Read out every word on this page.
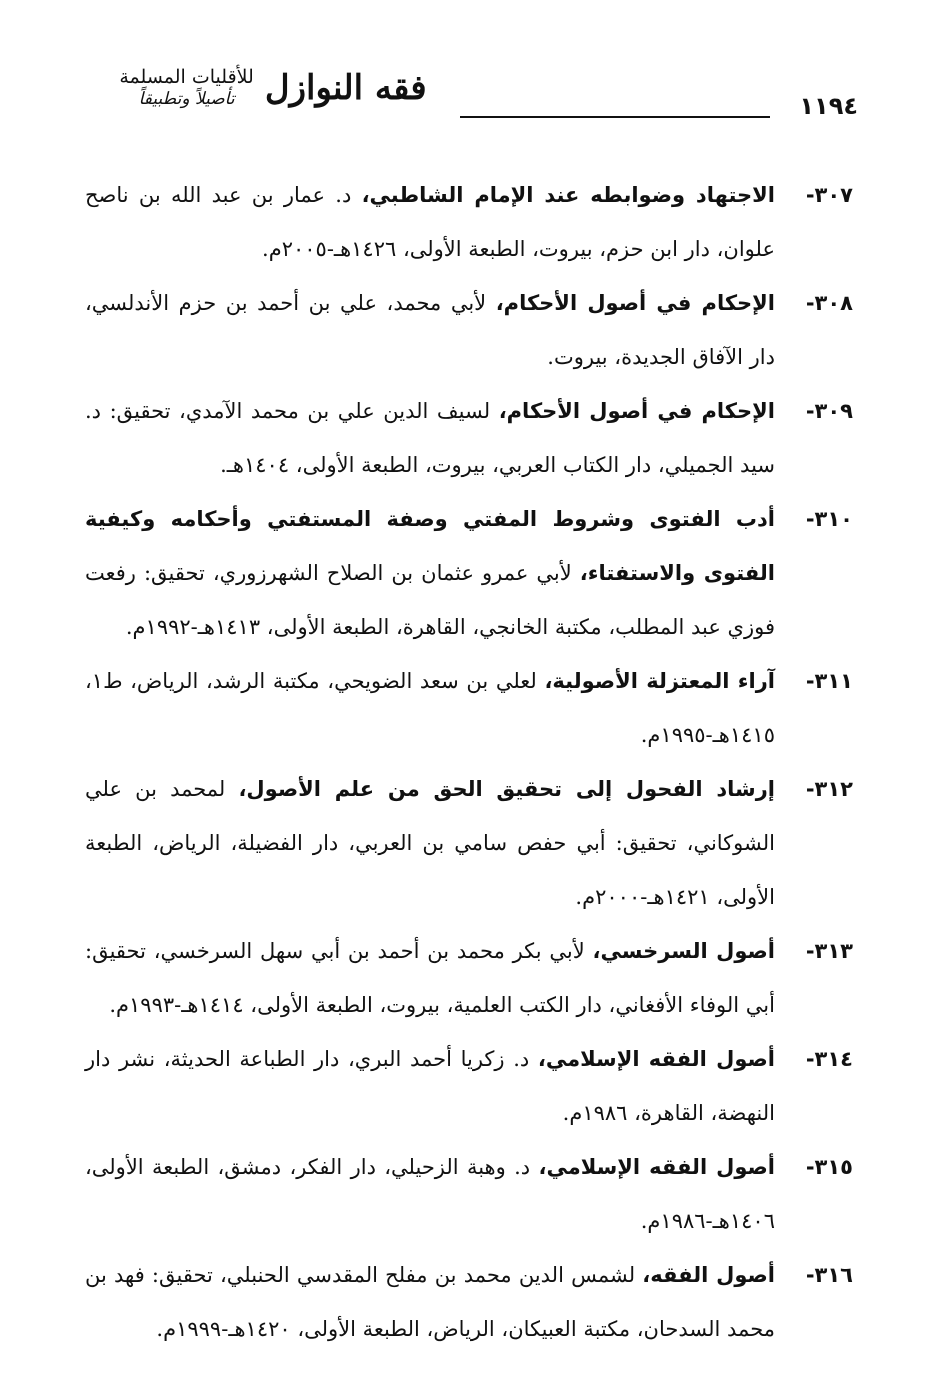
١١٩٤
فقه النوازل
للأقليات المسلمة
تأصيلاً وتطبيقاً
٣٠٧-
الاجتهاد وضوابطه عند الإمام الشاطبي، د. عمار بن عبد الله بن ناصح علوان، دار ابن حزم، بيروت، الطبعة الأولى، ١٤٢٦هـ-٢٠٠٥م.
٣٠٨-
الإحكام في أصول الأحكام، لأبي محمد، علي بن أحمد بن حزم الأندلسي، دار الآفاق الجديدة، بيروت.
٣٠٩-
الإحكام في أصول الأحكام، لسيف الدين علي بن محمد الآمدي، تحقيق: د. سيد الجميلي، دار الكتاب العربي، بيروت، الطبعة الأولى، ١٤٠٤هـ.
٣١٠-
أدب الفتوى وشروط المفتي وصفة المستفتي وأحكامه وكيفية الفتوى والاستفتاء، لأبي عمرو عثمان بن الصلاح الشهرزوري، تحقيق: رفعت فوزي عبد المطلب، مكتبة الخانجي، القاهرة، الطبعة الأولى، ١٤١٣هـ-١٩٩٢م.
٣١١-
آراء المعتزلة الأصولية، لعلي بن سعد الضويحي، مكتبة الرشد، الرياض، ط١، ١٤١٥هـ-١٩٩٥م.
٣١٢-
إرشاد الفحول إلى تحقيق الحق من علم الأصول، لمحمد بن علي الشوكاني، تحقيق: أبي حفص سامي بن العربي، دار الفضيلة، الرياض، الطبعة الأولى، ١٤٢١هـ-٢٠٠٠م.
٣١٣-
أصول السرخسي، لأبي بكر محمد بن أحمد بن أبي سهل السرخسي، تحقيق: أبي الوفاء الأفغاني، دار الكتب العلمية، بيروت، الطبعة الأولى، ١٤١٤هـ-١٩٩٣م.
٣١٤-
أصول الفقه الإسلامي، د. زكريا أحمد البري، دار الطباعة الحديثة، نشر دار النهضة، القاهرة، ١٩٨٦م.
٣١٥-
أصول الفقه الإسلامي، د. وهبة الزحيلي، دار الفكر، دمشق، الطبعة الأولى، ١٤٠٦هـ-١٩٨٦م.
٣١٦-
أصول الفقه، لشمس الدين محمد بن مفلح المقدسي الحنبلي، تحقيق: فهد بن محمد السدحان، مكتبة العبيكان، الرياض، الطبعة الأولى، ١٤٢٠هـ-١٩٩٩م.
